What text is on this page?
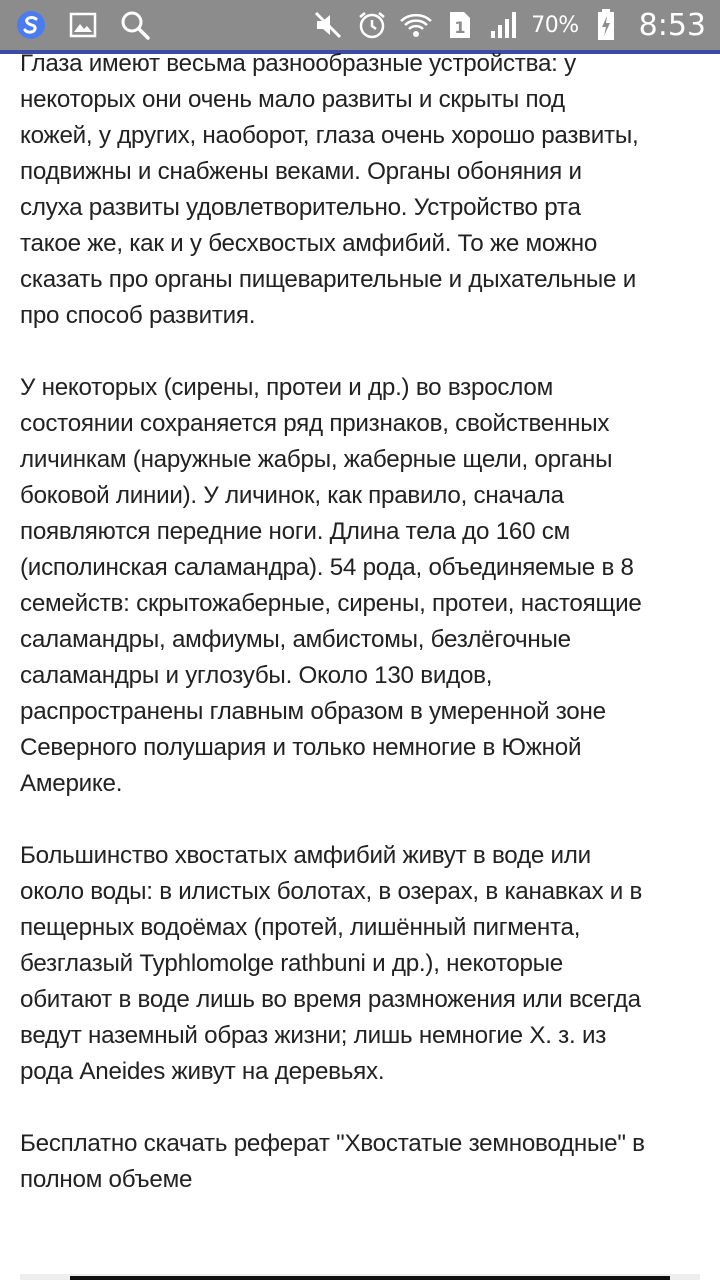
1	70% 8:53

Глаза имеют весьма разнообразные устройства: у
некоторых они очень мало развиты и скрыты под
кожей, у других, наоборот, глаза очень хорошо развиты,
подвижны и снабжены веками. Органы обоняния и
слуха развиты удовлетворительно. Устройство рта
такое же, как и у бесхвостых амфибий. То же можно
сказать про органы пищеварительные и дыхательные и
про способ развития.

У некоторых (сирены, протеи и др.) во взрослом
состоянии сохраняется ряд признаков, свойственных
личинкам (наружные жабры, жаберные щели, органы
боковой линии). У личинок, как правило, сначала
появляются передние ноги. Длина тела до 160 см
(исполинская саламандра). 54 рода, объединяемые в 8
семейств: скрытожаберные, сирены, протеи, настоящие
саламандры, амфиумы, амбистомы, безлёгочные
саламандры и углозубы. Около 130 видов,
распространены главным образом в умеренной зоне
Северного полушария и только немногие в Южной
Америке.

Большинство хвостатых амфибий живут в воде или
около воды: в илистых болотах, в озерах, в канавках и в
пещерных водоёмах (протей, лишённый пигмента,
безглазый Typhlomolge rathbuni и др.), некоторые
обитают в воде лишь во время размножения или всегда
ведут наземный образ жизни; лишь немногие Х. з. из
рода Aneides живут на деревьях.

Бесплатно скачать реферат "Хвостатые земноводные" в
полном объеме
